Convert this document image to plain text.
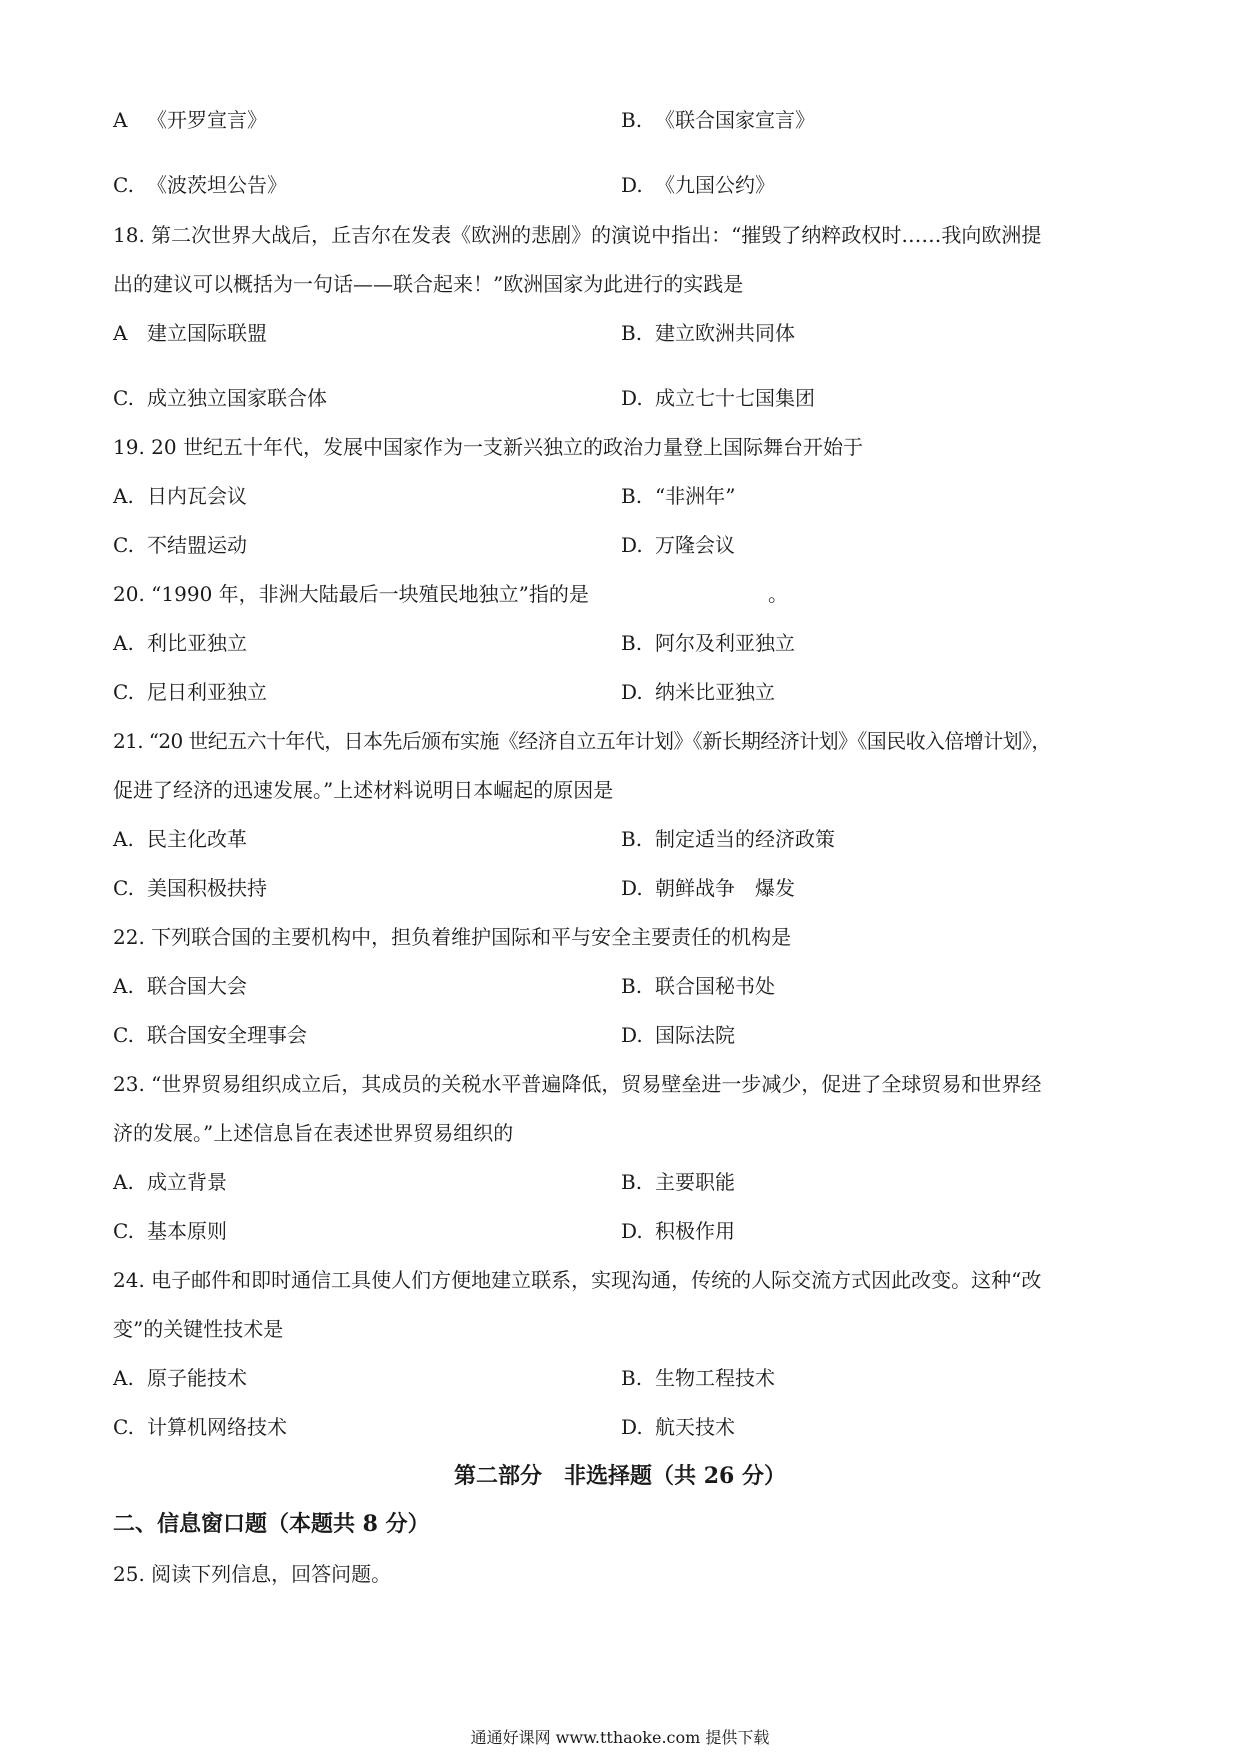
A 《开罗宣言》	B. 《联合国家宣言》
C. 《波茨坦公告》	D. 《九国公约》
18. 第二次世界大战后，丘吉尔在发表《欧洲的悲剧》的演说中指出：“摧毁了纳粹政权时……我向欧洲提
出的建议可以概括为一句话——联合起来！”欧洲国家为此进行的实践是
A 建立国际联盟	B. 建立欧洲共同体
C. 成立独立国家联合体	D. 成立七十七国集团
19. 20 世纪五十年代，发展中国家作为一支新兴独立的政治力量登上国际舞台开始于
A. 日内瓦会议	B. “非洲年”
C. 不结盟运动	D. 万隆会议
20. “1990 年，非洲大陆最后一块殖民地独立”指的是	。
A. 利比亚独立	B. 阿尔及利亚独立
C. 尼日利亚独立	D. 纳米比亚独立
21. “20 世纪五六十年代，日本先后颁布实施《经济自立五年计划》《新长期经济计划》《国民收入倍增计划》，
促进了经济的迅速发展。”上述材料说明日本崛起的原因是
A. 民主化改革	B. 制定适当的经济政策
C. 美国积极扶持	D. 朝鲜战争　爆发
22. 下列联合国的主要机构中，担负着维护国际和平与安全主要责任的机构是
A. 联合国大会	B. 联合国秘书处
C. 联合国安全理事会	D. 国际法院
23. “世界贸易组织成立后，其成员的关税水平普遍降低，贸易壁垒进一步减少，促进了全球贸易和世界经
济的发展。”上述信息旨在表述世界贸易组织的
A. 成立背景	B. 主要职能
C. 基本原则	D. 积极作用
24. 电子邮件和即时通信工具使人们方便地建立联系，实现沟通，传统的人际交流方式因此改变。这种“改
变”的关键性技术是
A. 原子能技术	B. 生物工程技术
C. 计算机网络技术	D. 航天技术
第二部分　非选择题（共 26 分）
二、信息窗口题（本题共 8 分）
25. 阅读下列信息，回答问题。
通通好课网 www.tthaoke.com 提供下载
